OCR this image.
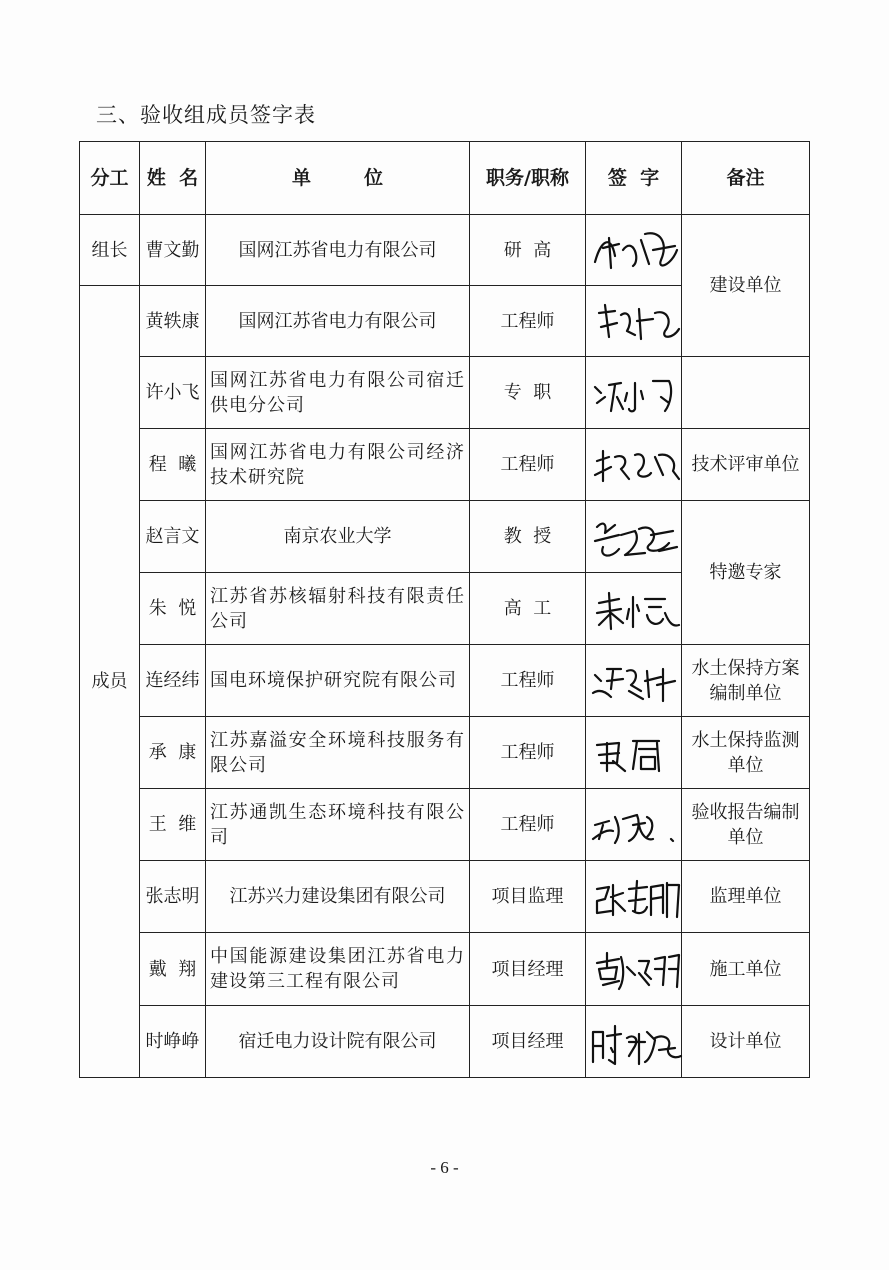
三、验收组成员签字表
分工	姓  名	单        位	职务/职称	签  字	备注
组长	曹文勤	国网江苏省电力有限公司	研  高		建设单位
成员	黄轶康	国网江苏省电力有限公司	工程师	

	许小飞	国网江苏省电力有限公司宿迁供电分公司	专  职	

	程  曦	国网江苏省电力有限公司经济技术研究院	工程师		技术评审单位
	赵言文	南京农业大学	教  授		特邀专家
	朱  悦	江苏省苏核辐射科技有限责任公司	高  工	

	连经纬	国电环境保护研究院有限公司	工程师		水土保持方案编制单位
	承  康	江苏嘉溢安全环境科技服务有限公司	工程师		水土保持监测单位
	王  维	江苏通凯生态环境科技有限公司	工程师		验收报告编制单位
	张志明	江苏兴力建设集团有限公司	项目监理		监理单位
	戴  翔	中国能源建设集团江苏省电力建设第三工程有限公司	项目经理		施工单位
	时峥峥	宿迁电力设计院有限公司	项目经理		设计单位
- 6 -
